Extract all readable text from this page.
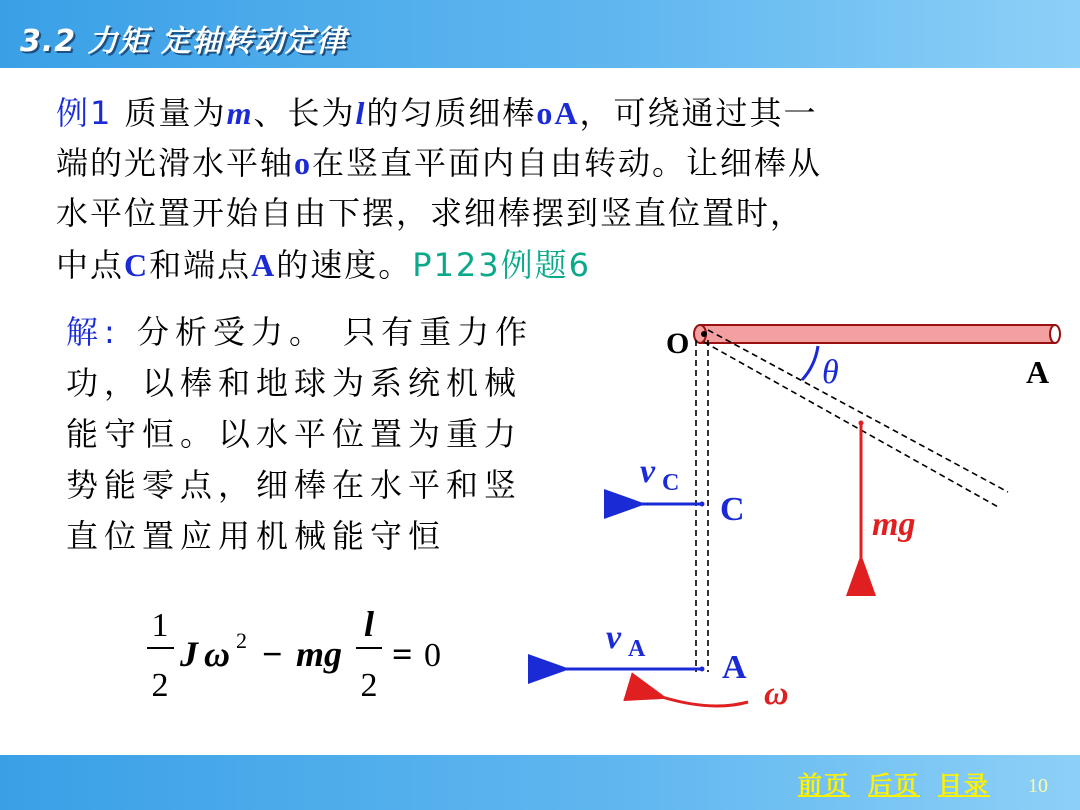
3.2 力矩 定轴转动定律
例1 质量为m、长为l的匀质细棒oA，可绕通过其一
端的光滑水平轴o在竖直平面内自由转动。让细棒从
水平位置开始自由下摆，求细棒摆到竖直位置时，
中点C和端点A的速度。P123例题6
解: 分析受力。 只有重力作
功，以棒和地球为系统机械
能守恒。以水平位置为重力
势能零点，细棒在水平和竖
直位置应用机械能守恒
1
2
J ω 2 − mg
l
2
= 0
θ
O
A
mg
v C
C
v A A
ω
前页 后页 目录 10
